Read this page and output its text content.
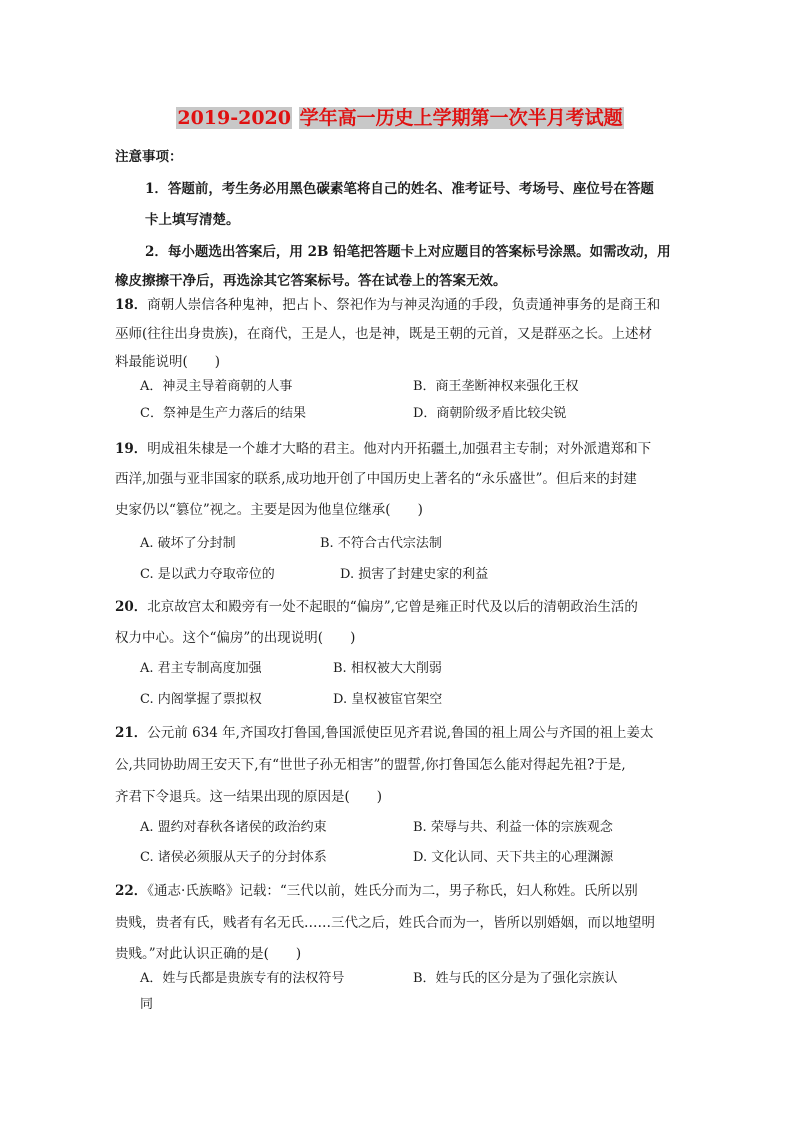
2019-2020 学年高一历史上学期第一次半月考试题
注意事项：
1．答题前，考生务必用黑色碳素笔将自己的姓名、准考证号、考场号、座位号在答题
卡上填写清楚。
2．每小题选出答案后，用 2B 铅笔把答题卡上对应题目的答案标号涂黑。如需改动，用
橡皮擦擦干净后，再选涂其它答案标号。答在试卷上的答案无效。
18．商朝人崇信各种鬼神，把占卜、祭祀作为与神灵沟通的手段，负责通神事务的是商王和
巫师(往往出身贵族)，在商代，王是人，也是神，既是王朝的元首，又是群巫之长。上述材
料最能说明(　　)
A．神灵主导着商朝的人事	B．商王垄断神权来强化王权
C．祭神是生产力落后的结果	D．商朝阶级矛盾比较尖锐
19．明成祖朱棣是一个雄才大略的君主。他对内开拓疆土,加强君主专制；对外派遣郑和下
西洋,加强与亚非国家的联系,成功地开创了中国历史上著名的“永乐盛世”。但后来的封建
史家仍以“篡位”视之。主要是因为他皇位继承(　　)
A. 破坏了分封制	B. 不符合古代宗法制
C. 是以武力夺取帝位的	D. 损害了封建史家的利益
20．北京故宫太和殿旁有一处不起眼的“偏房”,它曾是雍正时代及以后的清朝政治生活的
权力中心。这个“偏房”的出现说明(　　)
A. 君主专制高度加强	B. 相权被大大削弱
C. 内阁掌握了票拟权	D. 皇权被宦官架空
21．公元前 634 年,齐国攻打鲁国,鲁国派使臣见齐君说,鲁国的祖上周公与齐国的祖上姜太
公,共同协助周王安天下,有“世世子孙无相害”的盟誓,你打鲁国怎么能对得起先祖?于是,
齐君下令退兵。这一结果出现的原因是(　　)
A. 盟约对春秋各诸侯的政治约束	B. 荣辱与共、利益一体的宗族观念
C. 诸侯必须服从天子的分封体系	D. 文化认同、天下共主的心理渊源
22．《通志·氏族略》记载：“三代以前，姓氏分而为二，男子称氏，妇人称姓。氏所以别
贵贱，贵者有氏，贱者有名无氏……三代之后，姓氏合而为一，皆所以别婚姻，而以地望明
贵贱。”对此认识正确的是(　　)
A．姓与氏都是贵族专有的法权符号	B．姓与氏的区分是为了强化宗族认
同
